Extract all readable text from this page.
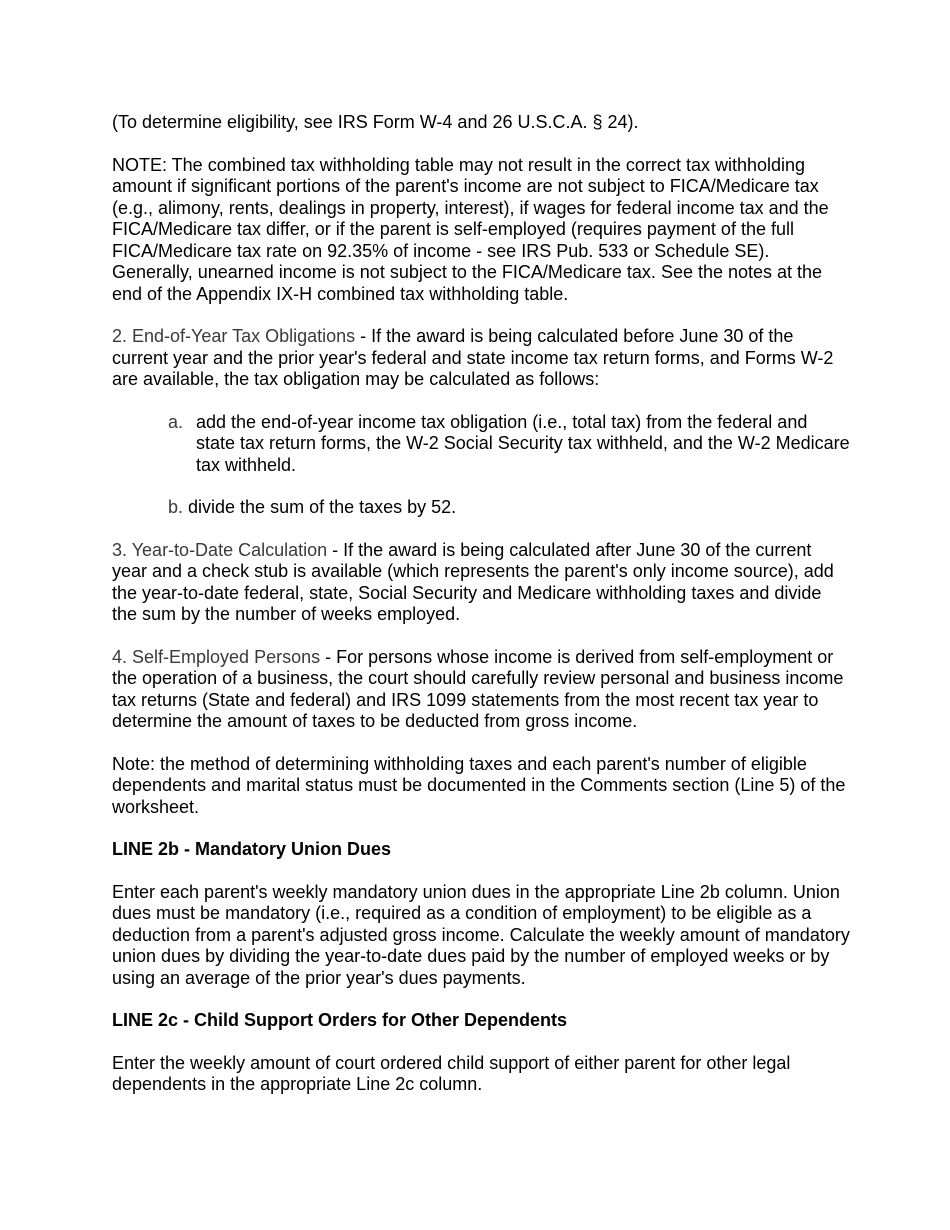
(To determine eligibility, see IRS Form W-4 and 26 U.S.C.A. § 24).

NOTE: The combined tax withholding table may not result in the correct tax withholding amount if significant portions of the parent's income are not subject to FICA/Medicare tax (e.g., alimony, rents, dealings in property, interest), if wages for federal income tax and the FICA/Medicare tax differ, or if the parent is self-employed (requires payment of the full FICA/Medicare tax rate on 92.35% of income - see IRS Pub. 533 or Schedule SE). Generally, unearned income is not subject to the FICA/Medicare tax. See the notes at the end of the Appendix IX-H combined tax withholding table.

2. End-of-Year Tax Obligations - If the award is being calculated before June 30 of the current year and the prior year's federal and state income tax return forms, and Forms W-2 are available, the tax obligation may be calculated as follows:

a. add the end-of-year income tax obligation (i.e., total tax) from the federal and state tax return forms, the W-2 Social Security tax withheld, and the W-2 Medicare tax withheld.
b. divide the sum of the taxes by 52.

3. Year-to-Date Calculation - If the award is being calculated after June 30 of the current year and a check stub is available (which represents the parent's only income source), add the year-to-date federal, state, Social Security and Medicare withholding taxes and divide the sum by the number of weeks employed.

4. Self-Employed Persons - For persons whose income is derived from self-employment or the operation of a business, the court should carefully review personal and business income tax returns (State and federal) and IRS 1099 statements from the most recent tax year to determine the amount of taxes to be deducted from gross income.

Note: the method of determining withholding taxes and each parent's number of eligible dependents and marital status must be documented in the Comments section (Line 5) of the worksheet.

LINE 2b - Mandatory Union Dues

Enter each parent's weekly mandatory union dues in the appropriate Line 2b column. Union dues must be mandatory (i.e., required as a condition of employment) to be eligible as a deduction from a parent's adjusted gross income. Calculate the weekly amount of mandatory union dues by dividing the year-to-date dues paid by the number of employed weeks or by using an average of the prior year's dues payments.

LINE 2c - Child Support Orders for Other Dependents

Enter the weekly amount of court ordered child support of either parent for other legal dependents in the appropriate Line 2c column.
